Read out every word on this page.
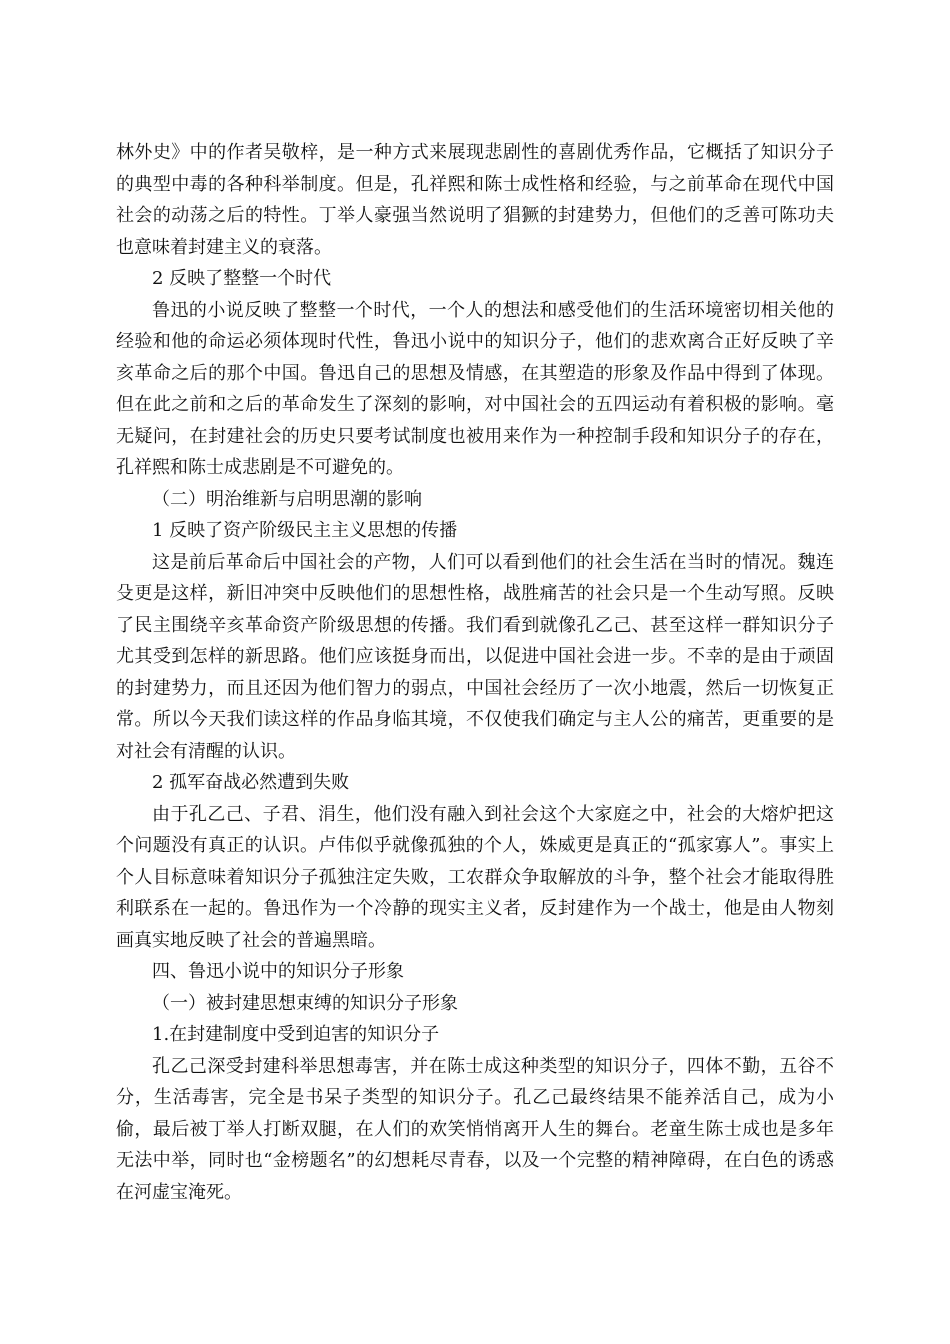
林外史》中的作者吴敬梓，是一种方式来展现悲剧性的喜剧优秀作品，它概括了知识分子的典型中毒的各种科举制度。但是，孔祥熙和陈士成性格和经验，与之前革命在现代中国社会的动荡之后的特性。丁举人豪强当然说明了猖獗的封建势力，但他们的乏善可陈功夫也意味着封建主义的衰落。

2 反映了整整一个时代

鲁迅的小说反映了整整一个时代，一个人的想法和感受他们的生活环境密切相关他的经验和他的命运必须体现时代性，鲁迅小说中的知识分子，他们的悲欢离合正好反映了辛亥革命之后的那个中国。鲁迅自己的思想及情感，在其塑造的形象及作品中得到了体现。但在此之前和之后的革命发生了深刻的影响，对中国社会的五四运动有着积极的影响。毫无疑问，在封建社会的历史只要考试制度也被用来作为一种控制手段和知识分子的存在，孔祥熙和陈士成悲剧是不可避免的。

（二）明治维新与启明思潮的影响

1 反映了资产阶级民主主义思想的传播

这是前后革命后中国社会的产物，人们可以看到他们的社会生活在当时的情况。魏连殳更是这样，新旧冲突中反映他们的思想性格，战胜痛苦的社会只是一个生动写照。反映了民主围绕辛亥革命资产阶级思想的传播。我们看到就像孔乙己、甚至这样一群知识分子尤其受到怎样的新思路。他们应该挺身而出，以促进中国社会进一步。不幸的是由于顽固的封建势力，而且还因为他们智力的弱点，中国社会经历了一次小地震，然后一切恢复正常。所以今天我们读这样的作品身临其境，不仅使我们确定与主人公的痛苦，更重要的是对社会有清醒的认识。

2 孤军奋战必然遭到失败

由于孔乙己、子君、涓生，他们没有融入到社会这个大家庭之中，社会的大熔炉把这个问题没有真正的认识。卢伟似乎就像孤独的个人，姝威更是真正的“孤家寡人”。事实上个人目标意味着知识分子孤独注定失败，工农群众争取解放的斗争，整个社会才能取得胜利联系在一起的。鲁迅作为一个冷静的现实主义者，反封建作为一个战士，他是由人物刻画真实地反映了社会的普遍黑暗。

四、鲁迅小说中的知识分子形象

（一）被封建思想束缚的知识分子形象

1.在封建制度中受到迫害的知识分子

孔乙己深受封建科举思想毒害，并在陈士成这种类型的知识分子，四体不勤，五谷不分，生活毒害，完全是书呆子类型的知识分子。孔乙己最终结果不能养活自己，成为小偷，最后被丁举人打断双腿，在人们的欢笑悄悄离开人生的舞台。老童生陈士成也是多年无法中举，同时也“金榜题名”的幻想耗尽青春，以及一个完整的精神障碍，在白色的诱惑在河虚宝淹死。
